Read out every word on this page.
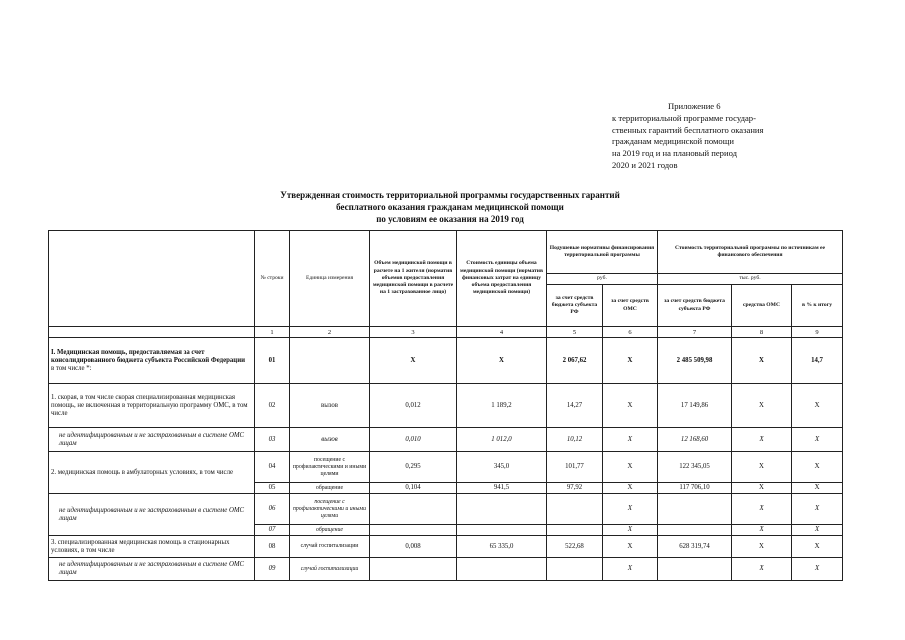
Приложение 6
к территориальной программе государ-
ственных гарантий бесплатного оказания
гражданам медицинской помощи
на 2019 год и на плановый период
2020 и 2021 годов
Утвержденная стоимость территориальной программы государственных гарантий
бесплатного оказания гражданам медицинской помощи
по условиям ее оказания на 2019 год
	№ строки	Единица измерения	Объем медицинской помощи в расчете на 1 жителя (норматив объемов предоставления медицинской помощи в расчете на 1 застрахованное лицо)	Стоимость единицы объема медицинской помощи (норматив финансовых затрат на единицу объема предоставления медицинской помощи)	Подушевые нормативы финансирования территориальной программы		Стоимость территориальной программы по источникам ее финансового обеспечения		
					руб.		тыс. руб.		
					за счет средств бюджета субъекта РФ	за счет средств ОМС	за счет средств бюджета субъекта РФ	средства ОМС	в % к итогу
	1	2	3	4	5	6	7	8	9
I. Медицинская помощь, предоставляемая за счет консолидированного бюджета субъекта Российской Федерации
в том числе *:	01		X	X	2 067,62	X	2 485 509,98	X	14,7
1. скорая, в том числе скорая специализированная медицинская помощь, не включенная в территориальную программу ОМС, в том числе	02	вызов	0,012	1 189,2	14,27	X	17 149,86	X	X
не идентифицированным и не застрахованным в системе ОМС лицам	03	вызов	0,010	1 012,0	10,12	X	12 168,60	X	X
2. медицинская помощь в амбулаторных условиях, в том числе	04	посещение с профилактическими и иными целями	0,295	345,0	101,77	X	122 345,05	X	X
	05	обращение	0,104	941,5	97,92	X	117 706,10	X	X
не идентифицированным и не застрахованным в системе ОМС лицам	06	посещение с профилактическими и иными целями				X		X	X
	07	обращение				X		X	X
3. специализированная медицинская помощь в стационарных условиях, в том числе	08	случай госпитализации	0,008	65 335,0	522,68	X	628 319,74	X	X
не идентифицированным и не застрахованным в системе ОМС лицам	09	случай госпитализации				X		X	X
